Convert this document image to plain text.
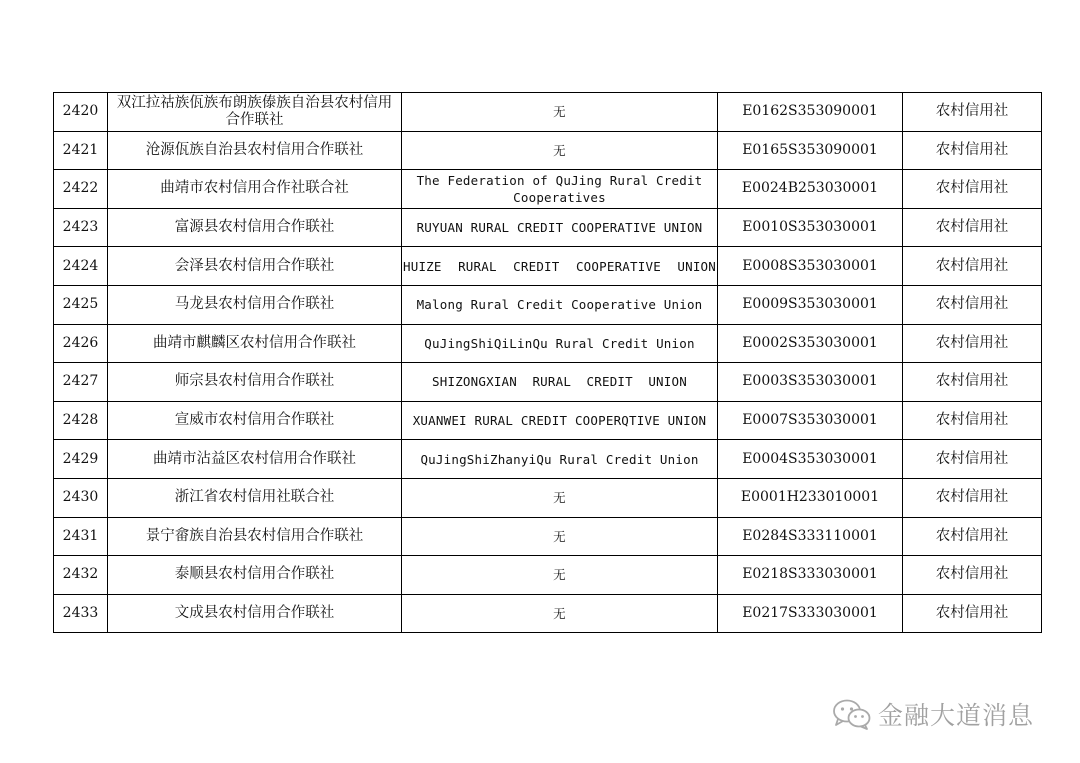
2420	双江拉祜族佤族布朗族傣族自治县农村信用合作联社	无	E0162S353090001	农村信用社
2421	沧源佤族自治县农村信用合作联社	无	E0165S353090001	农村信用社
2422	曲靖市农村信用合作社联合社	The Federation of QuJing Rural Credit Cooperatives	E0024B253030001	农村信用社
2423	富源县农村信用合作联社	RUYUAN RURAL CREDIT COOPERATIVE UNION	E0010S353030001	农村信用社
2424	会泽县农村信用合作联社	HUIZE RURAL CREDIT COOPERATIVE UNION	E0008S353030001	农村信用社
2425	马龙县农村信用合作联社	Malong Rural Credit Cooperative Union	E0009S353030001	农村信用社
2426	曲靖市麒麟区农村信用合作联社	QuJingShiQiLinQu Rural Credit Union	E0002S353030001	农村信用社
2427	师宗县农村信用合作联社	SHIZONGXIAN  RURAL  CREDIT  UNION	E0003S353030001	农村信用社
2428	宣威市农村信用合作联社	XUANWEI RURAL CREDIT COOPERQTIVE UNION	E0007S353030001	农村信用社
2429	曲靖市沾益区农村信用合作联社	QuJingShiZhanyiQu Rural Credit Union	E0004S353030001	农村信用社
2430	浙江省农村信用社联合社	无	E0001H233010001	农村信用社
2431	景宁畲族自治县农村信用合作联社	无	E0284S333110001	农村信用社
2432	泰顺县农村信用合作联社	无	E0218S333030001	农村信用社
2433	文成县农村信用合作联社	无	E0217S333030001	农村信用社
金融大道消息
